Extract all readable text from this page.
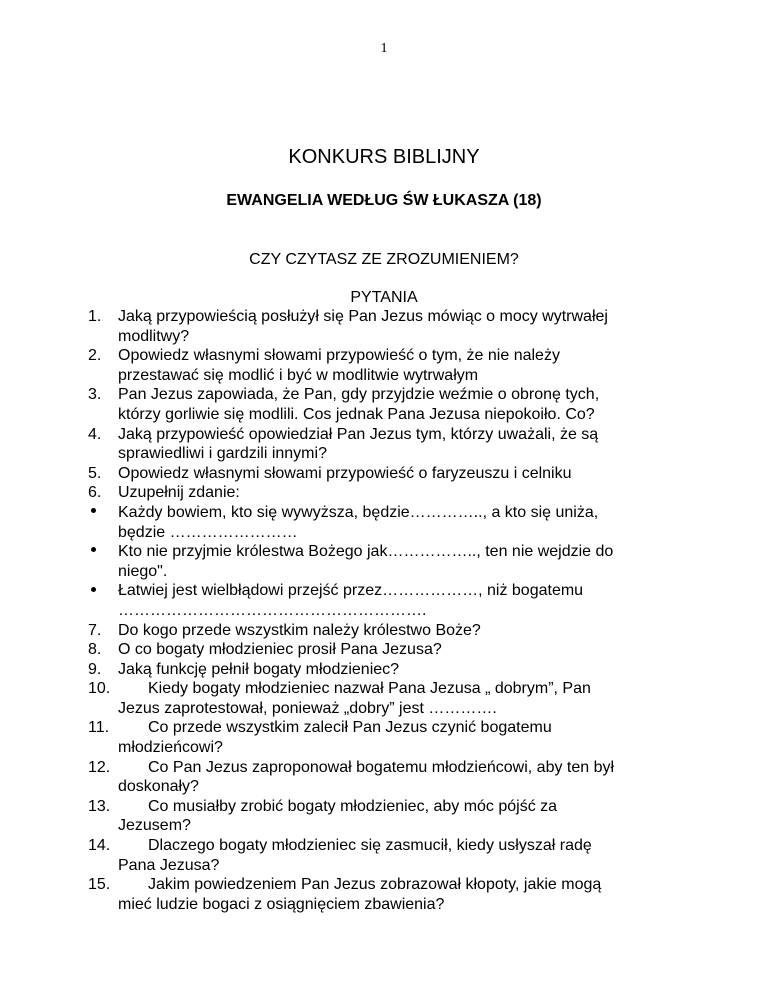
1
KONKURS BIBLIJNY
EWANGELIA WEDŁUG ŚW ŁUKASZA (18)
CZY CZYTASZ ZE ZROZUMIENIEM?
PYTANIA
1.	Jaką przypowieścią posłużył się Pan Jezus mówiąc o mocy wytrwałej
modlitwy?
2.	Opowiedz własnymi słowami przypowieść o tym, że nie należy
przestawać się modlić i być w modlitwie wytrwałym
3.	Pan Jezus zapowiada, że Pan, gdy przyjdzie weźmie o obronę tych,
którzy gorliwie się modlili. Cos jednak Pana Jezusa niepokoiło. Co?
4.	Jaką przypowieść opowiedział Pan Jezus tym, którzy uważali, że są
sprawiedliwi i gardzili innymi?
5.	Opowiedz własnymi słowami przypowieść o faryzeuszu i celniku
6.	Uzupełnij zdanie:
Każdy bowiem, kto się wywyższa, będzie………….., a kto się uniża,
będzie ……………………
Kto nie przyjmie królestwa Bożego jak…………….., ten nie wejdzie do
niego".
Łatwiej jest wielbłądowi przejść przez………………, niż bogatemu
………………………………………………….
7.	Do kogo przede wszystkim należy królestwo Boże?
8.	O co bogaty młodzieniec prosił Pana Jezusa?
9.	Jaką funkcję pełnił bogaty młodzieniec?
10. Kiedy bogaty młodzieniec nazwał Pana Jezusa „ dobrym”, Pan
Jezus zaprotestował, ponieważ „dobry” jest ………….
11. Co przede wszystkim zalecił Pan Jezus czynić bogatemu
młodzieńcowi?
12. Co Pan Jezus zaproponował bogatemu młodzieńcowi, aby ten był
doskonały?
13. Co musiałby zrobić bogaty młodzieniec, aby móc pójść za
Jezusem?
14. Dlaczego bogaty młodzieniec się zasmucił, kiedy usłyszał radę
Pana Jezusa?
15. Jakim powiedzeniem Pan Jezus zobrazował kłopoty, jakie mogą
mieć ludzie bogaci z osiągnięciem zbawienia?
